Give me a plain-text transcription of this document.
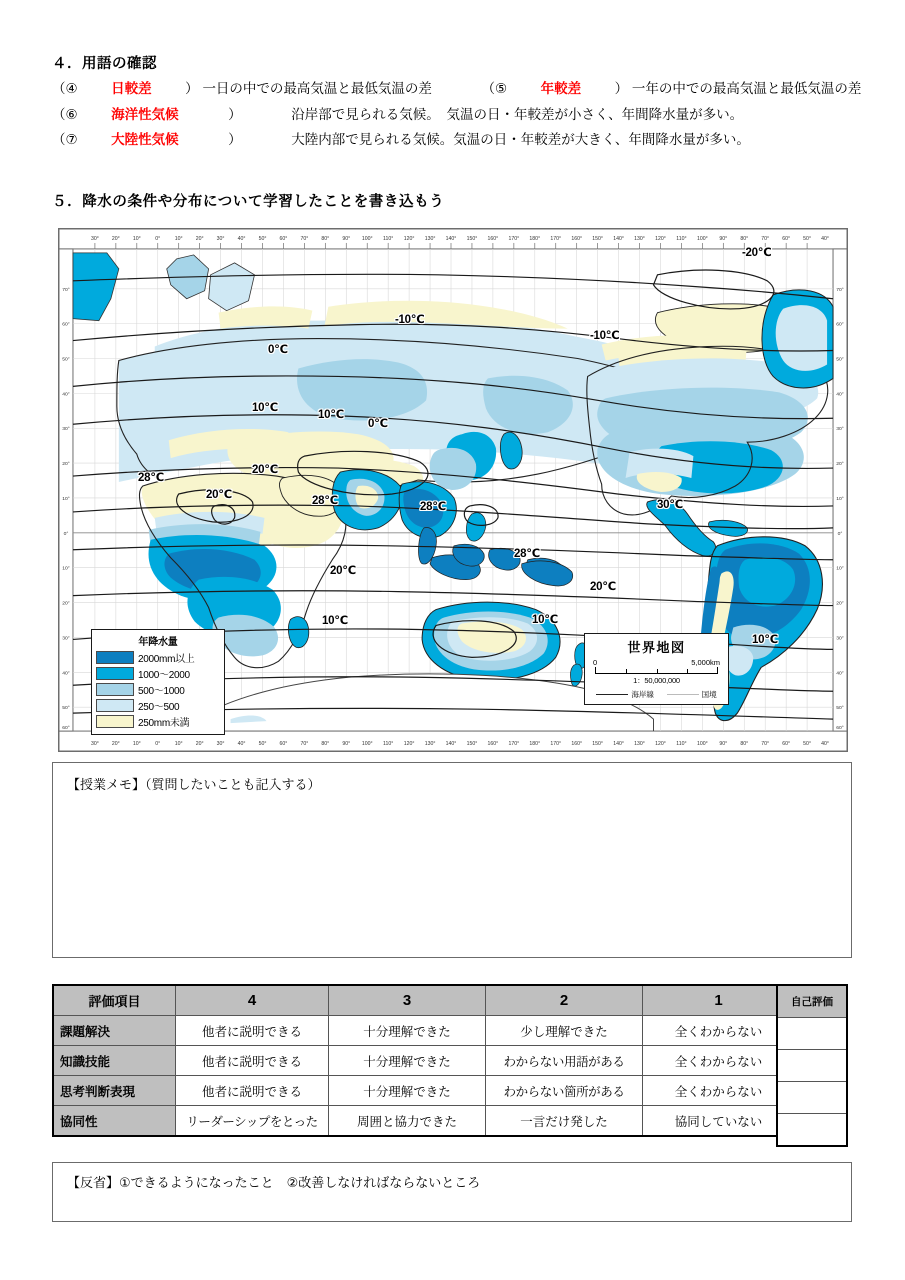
４．用語の確認
（④ 日較差 ） 一日の中での最高気温と最低気温の差	（⑤ 年較差 ） 一年の中での最高気温と最低気温の差
（⑥ 海洋性気候	）	沿岸部で見られる気候。　気温の日・年較差が小さく、年間降水量が多い。
（⑦ 大陸性気候	）	大陸内部で見られる気候。気温の日・年較差が大きく、年間降水量が多い。
５．降水の条件や分布について学習したことを書き込もう
30°	20°	10°	0°	10°	20°	30°	40°	50°	60°	70°	80°	90° 100° 110° 120° 130° 140° 150° 160° 170° 180° 170° 160° 150° 140° 130° 120° 110° 100° 90°	80°	70°	60°	50° 40°
30°	20°	10°	0°	10°	20°	30°	40°	50°	60°	70°	80°	90° 100° 110° 120° 130° 140° 150° 160° 170° 180° 170° 160° 150° 140° 130° 120° 110° 100° 90°	80°	70°	60°	50° 40°
70°
60°
50°
40°
30°
20°
10°
0°
10°
20°
30°
40°
50°
60°
70°
60°
50°
40°
30°
20°
10°
0°
10°
20°
30°
40°
50°
60°
-20℃
-10℃
-10℃
0℃
10℃
10℃
0℃
28℃
20℃
20℃
28℃	28℃	30℃
28℃
20℃
20℃
10℃	10℃
10℃
年降水量
2000mm以上
1000〜2000
500〜1000
250〜500
250mm未満
世界地図
0	5,000km
1：50,000,000
海岸線	国境
【授業メモ】（質問したいことも記入する）
評価項目	4	3	2	1
課題解決	他者に説明できる	十分理解できた	少し理解できた	全くわからない
知識技能	他者に説明できる	十分理解できた	わからない用語がある	全くわからない
思考判断表現	他者に説明できる	十分理解できた	わからない箇所がある	全くわからない
協同性	リーダーシップをとった	周囲と協力できた	一言だけ発した	協同していない
自己評価

【反省】①できるようになったこと　②改善しなければならないところ
